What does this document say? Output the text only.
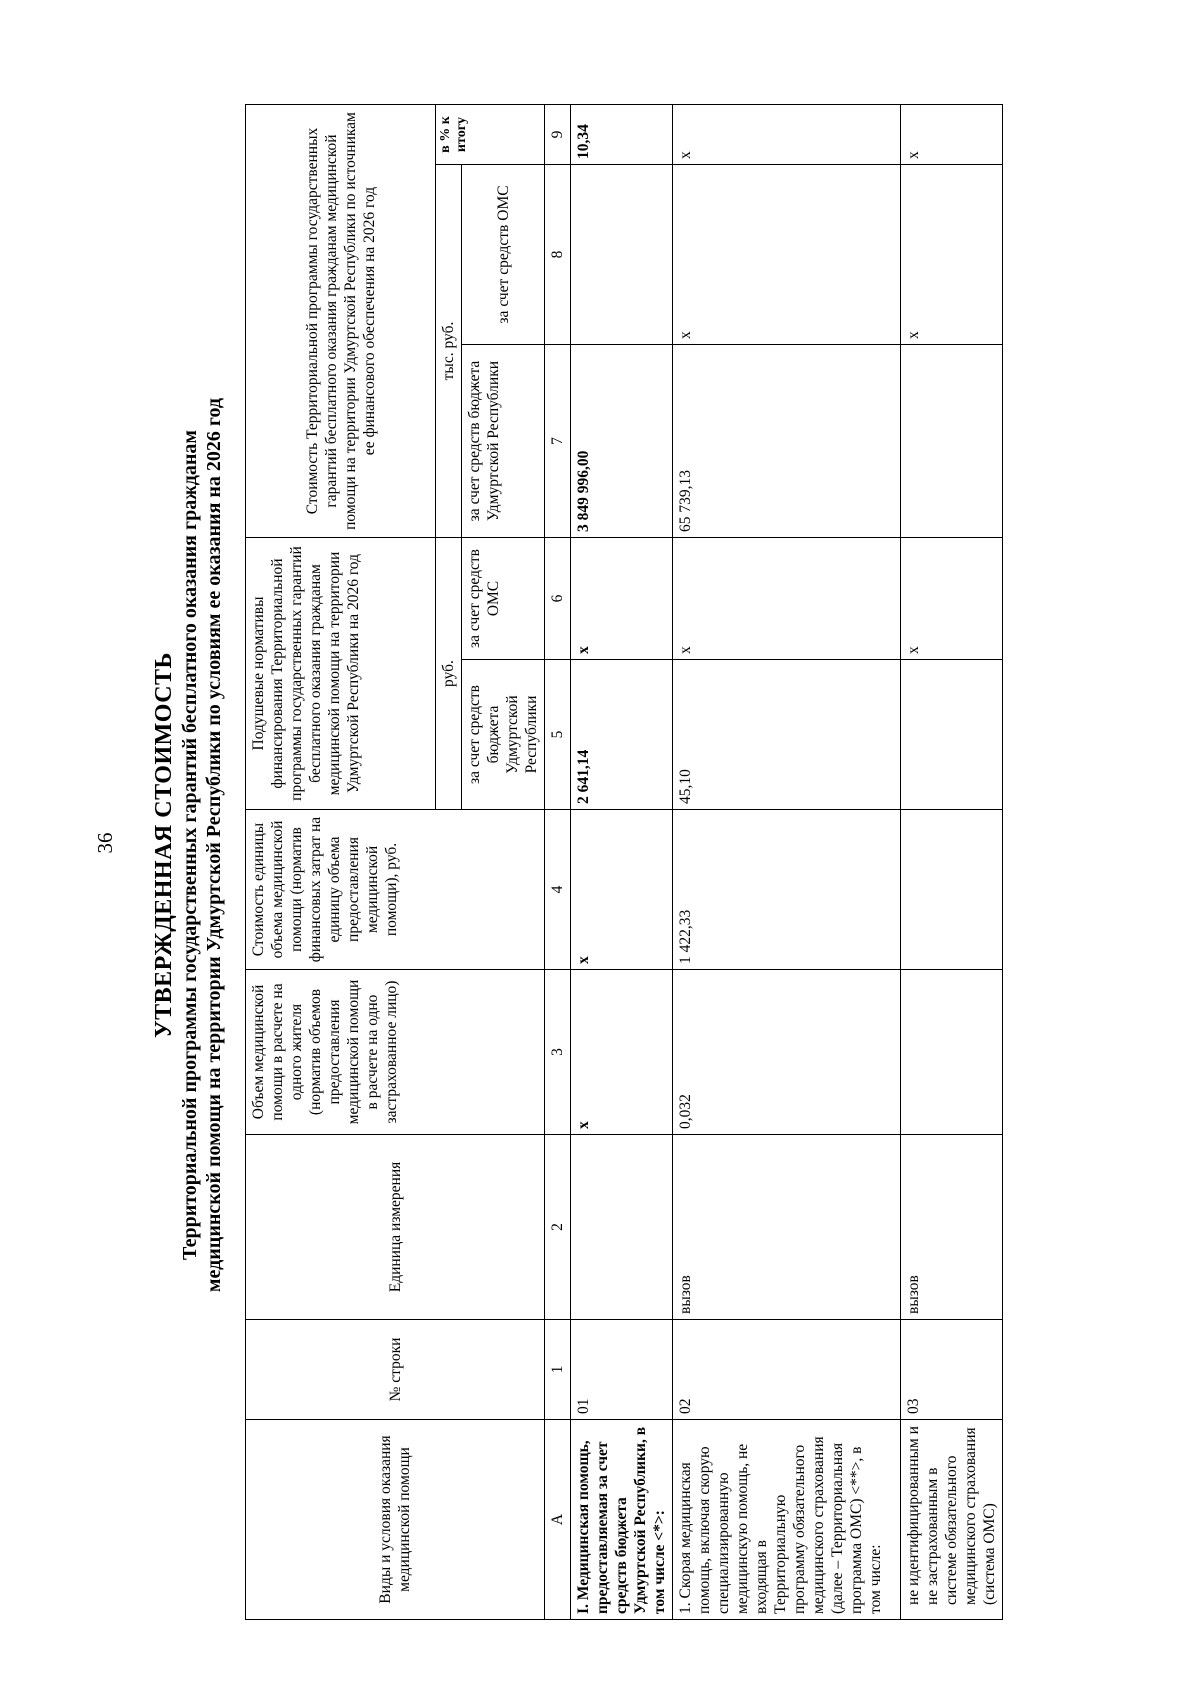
36 УТВЕРЖДЕННАЯ СТОИМОСТЬ Территориальной программы государственных гарантий бесплатного оказания гражданам медицинской помощи на территории Удмуртской Республики по условиям ее оказания на 2026 год
Виды и условия оказания медицинской помощи	№ строки	Единица измерения	Объем медицинской помощи в расчете на одного жителя (норматив объемов предоставления медицинской помощи в расчете на одно застрахованное лицо)	Стоимость единицы объема медицинской помощи (норматив финансовых затрат на единицу объема предоставления медицинской помощи), руб.	Подушевые нормативы финансирования Территориальной программы государственных гарантий бесплатного оказания гражданам медицинской помощи на территории Удмуртской Республики на 2026 год		Стоимость Территориальной программы государственных гарантий бесплатного оказания гражданам медицинской помощи на территории Удмуртской Республики по источникам ее финансового обеспечения на 2026 год		
					руб.		тыс. руб.		в % к итогу
					за счет средств бюджета Удмуртской Республики	за счет средств ОМС	за счет средств бюджета Удмуртской Республики	за счет средств ОМС	
А	1	2	3	4	5	6	7	8	9
I. Медицинская помощь, предоставляемая за счет средств бюджета Удмуртской Республики, в том числе <*>:	01		x	x	2 641,14	x	3 849 996,00		10,34
1. Скорая медицинская помощь, включая скорую специализированную медицинскую помощь, не входящая в Территориальную программу обязательного медицинского страхования (далее – Территориальная программа ОМС) <**>, в том числе:	02	вызов	0,032	1 422,33	45,10	x	65 739,13	x	x
не идентифицированным и не застрахованным в системе обязательного медицинского страхования (система ОМС)	03	вызов				x		x	x
